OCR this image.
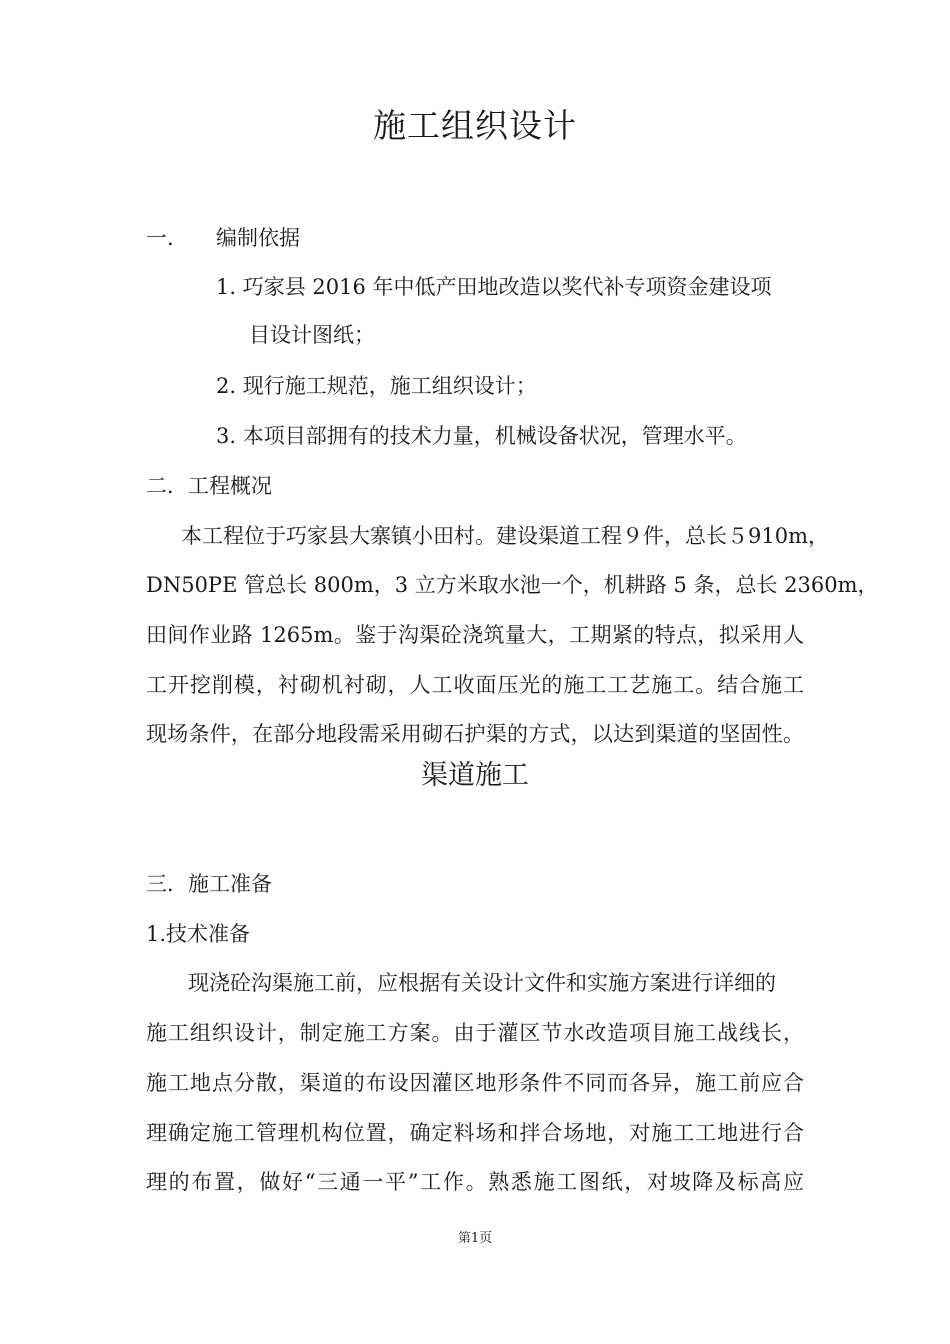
施工组织设计
一. 编制依据
1. 巧家县 2016 年中低产田地改造以奖代补专项资金建设项
目设计图纸；
2. 现行施工规范，施工组织设计；
3. 本项目部拥有的技术力量，机械设备状况，管理水平。
二．工程概况
本工程位于巧家县大寨镇小田村。建设渠道工程９件，总长５910m，
DN50PE 管总长 800m，3 立方米取水池一个，机耕路 5 条，总长 2360m，
田间作业路 1265m。鉴于沟渠砼浇筑量大，工期紧的特点，拟采用人
工开挖削模，衬砌机衬砌，人工收面压光的施工工艺施工。结合施工
现场条件，在部分地段需采用砌石护渠的方式，以达到渠道的坚固性。
渠道施工
三．施工准备
1.技术准备
现浇砼沟渠施工前，应根据有关设计文件和实施方案进行详细的
施工组织设计，制定施工方案。由于灌区节水改造项目施工战线长，
施工地点分散，渠道的布设因灌区地形条件不同而各异，施工前应合
理确定施工管理机构位置，确定料场和拌合场地，对施工工地进行合
理的布置，做好“三通一平”工作。熟悉施工图纸，对坡降及标高应
第1页
